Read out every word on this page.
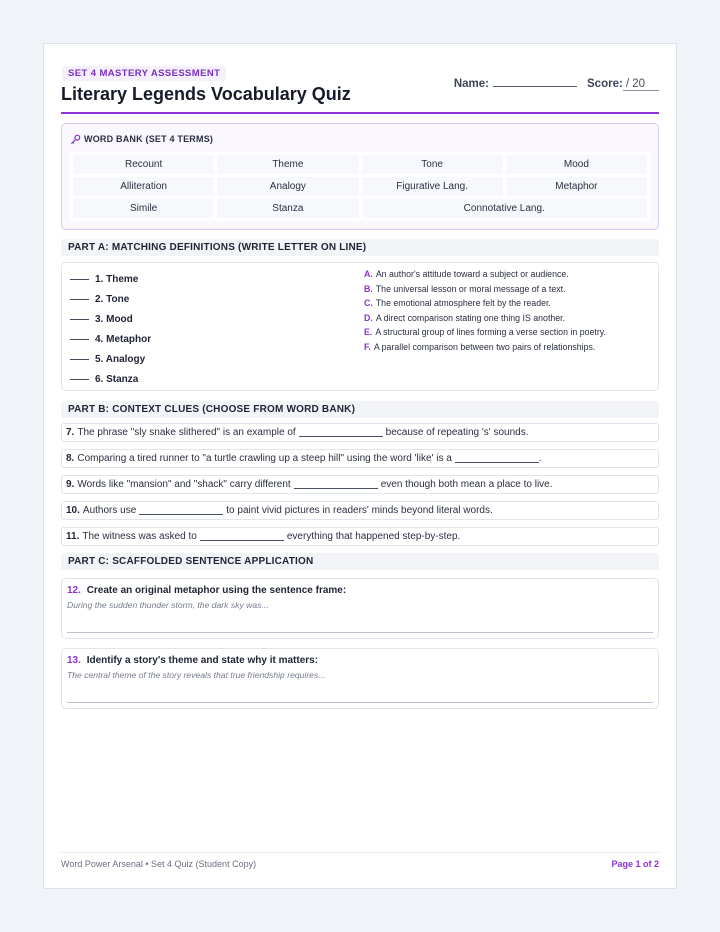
SET 4 MASTERY ASSESSMENT
Literary Legends Vocabulary Quiz	Name:	Score: / 20
WORD BANK (SET 4 TERMS)
Recount	Theme	Tone	Mood
Alliteration	Analogy	Figurative Lang.	Metaphor
Simile	Stanza	Connotative Lang.
PART A: MATCHING DEFINITIONS (WRITE LETTER ON LINE)
1. Theme
2. Tone
3. Mood
4. Metaphor
5. Analogy
6. Stanza
A. An author's attitude toward a subject or audience.
B. The universal lesson or moral message of a text.
C. The emotional atmosphere felt by the reader.
D. A direct comparison stating one thing IS another.
E. A structural group of lines forming a verse section in poetry.
F. A parallel comparison between two pairs of relationships.
PART B: CONTEXT CLUES (CHOOSE FROM WORD BANK)
7. The phrase "sly snake slithered" is an example of	because of repeating 's' sounds.
8. Comparing a tired runner to "a turtle crawling up a steep hill" using the word 'like' is a	.
9. Words like "mansion" and "shack" carry different	even though both mean a place to live.
10. Authors use	to paint vivid pictures in readers' minds beyond literal words.
11. The witness was asked to	everything that happened step-by-step.
PART C: SCAFFOLDED SENTENCE APPLICATION
12. Create an original metaphor using the sentence frame:
During the sudden thunder storm, the dark sky was...
13. Identify a story's theme and state why it matters:
The central theme of the story reveals that true friendship requires...
Word Power Arsenal • Set 4 Quiz (Student Copy)	Page 1 of 2
